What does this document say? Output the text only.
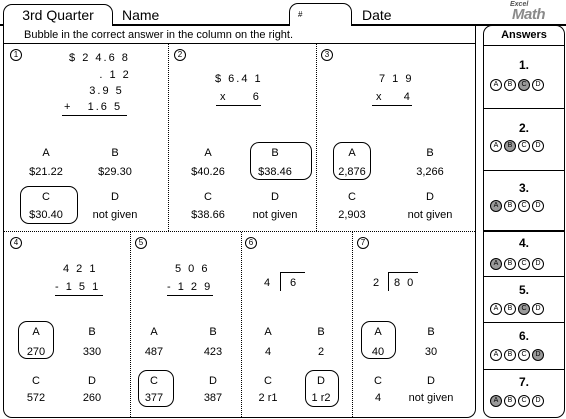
3rd Quarter	Name	#	Date
Excel
Math
Bubble in the correct answer in the column on the right.
1	$ 2 4.6 8
. 1 2
3.9 5
+   1.6 5
A
$21.22
B
$29.30
C
$30.40
D
not given
2
$ 6.4 1
x     6
A
$40.26
B
$38.46
C
$38.66
D
not given
3
7 1 9
x    4
A
2,876
B
3,266
C
2,903
D
not given
4
4 2 1
- 1 5 1
A
270
B
330
C
572
D
260
5
5 0 6
- 1 2 9
A
487
B
423
C
377
D
387
6
4 6
A
4
B
2
C
2 r1
D
1 r2
7
2 8 0
A
40
B
30
C
4
D
not given
Answers
1.
A	B	C	D
2.
A	B	C	D
3.
A	B	C	D
4.
A	B	C	D
5.
A	B	C	D
6.
A	B	C	D
7.
A	B	C	D
